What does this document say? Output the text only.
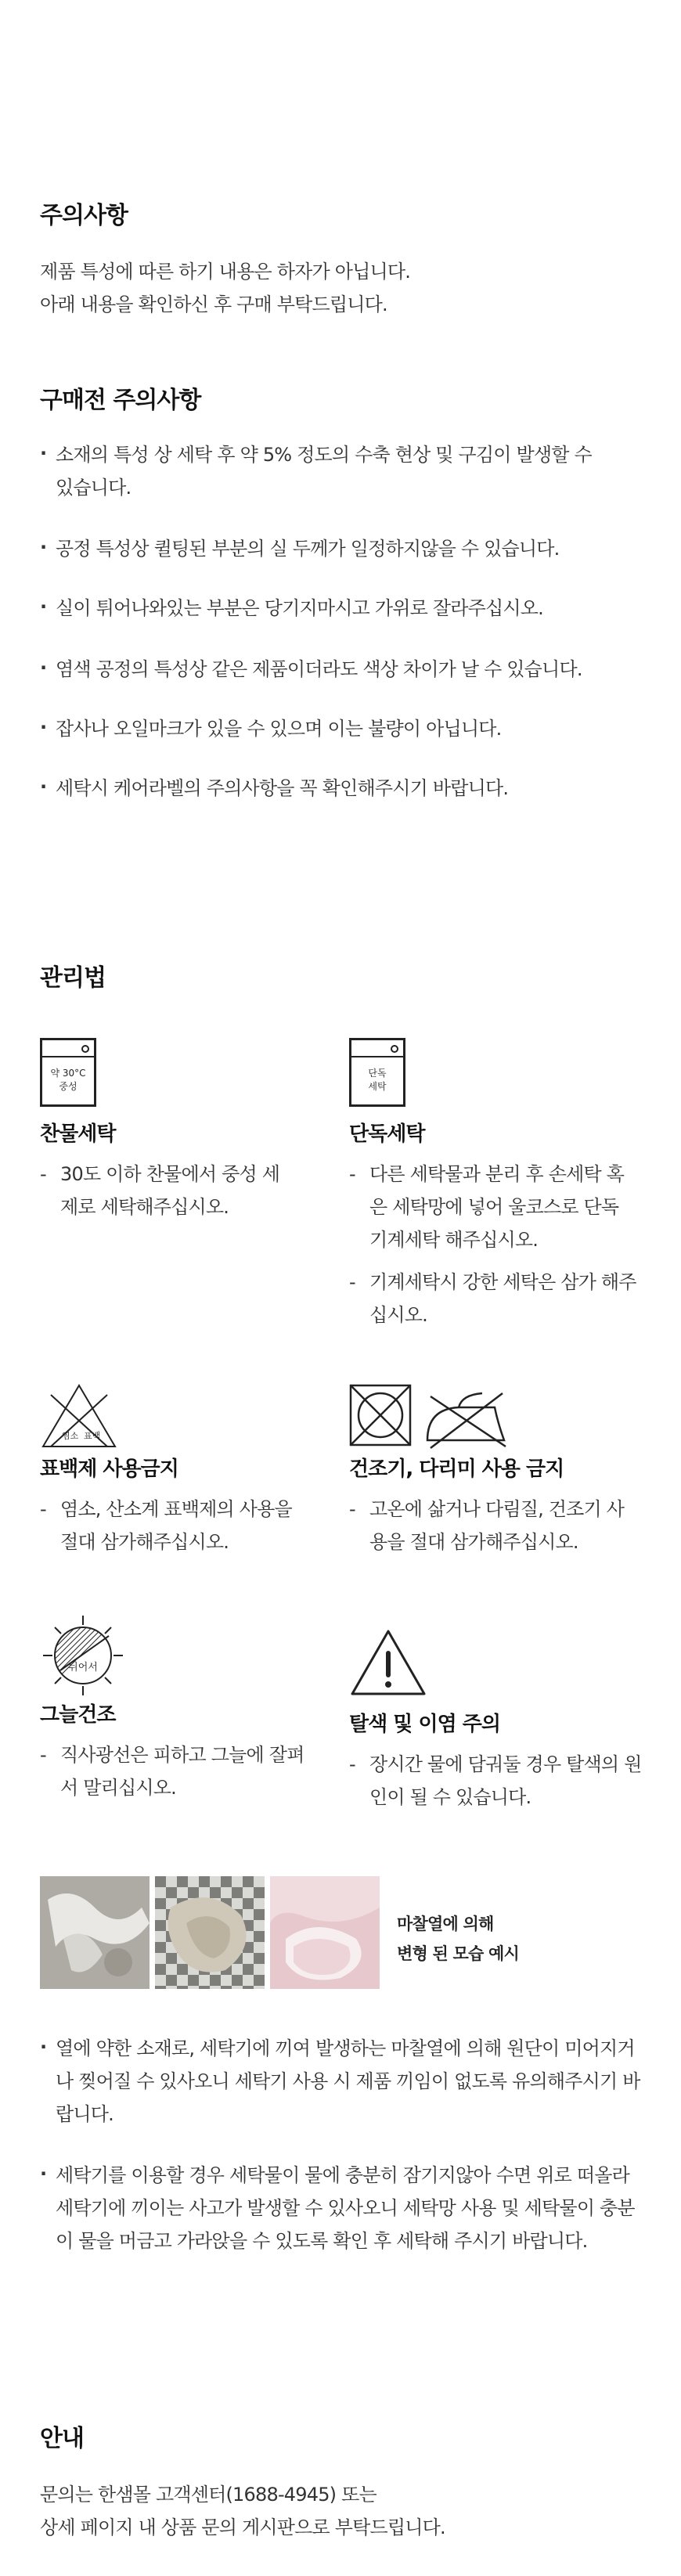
주의사항
제품 특성에 따른 하기 내용은 하자가 아닙니다.
아래 내용을 확인하신 후 구매 부탁드립니다.
구매전 주의사항
· 소재의 특성 상 세탁 후 약 5% 정도의 수축 현상 및 구김이 발생할 수 있습니다.
· 공정 특성상 퀼팅된 부분의 실 두께가 일정하지않을 수 있습니다.
· 실이 튀어나와있는 부분은 당기지마시고 가위로 잘라주십시오.
· 염색 공정의 특성상 같은 제품이더라도 색상 차이가 날 수 있습니다.
· 잡사나 오일마크가 있을 수 있으며 이는 불량이 아닙니다.
· 세탁시 케어라벨의 주의사항을 꼭 확인해주시기 바랍니다.
관리법
약 30°C
중성
찬물세탁
- 30도 이하 찬물에서 중성 세제로 세탁해주십시오.
단독
세탁
단독세탁
- 다른 세탁물과 분리 후 손세탁 혹은 세탁망에 넣어 울코스로 단독 기계세탁 해주십시오.
- 기계세탁시 강한 세탁은 삼가 해주십시오.
염소 표백
표백제 사용금지
- 염소, 산소계 표백제의 사용을 절대 삼가해주십시오.
건조기, 다리미 사용 금지
- 고온에 삶거나 다림질, 건조기 사용을 절대 삼가해주십시오.
뉘어서
그늘건조
- 직사광선은 피하고 그늘에 잘펴서 말리십시오.
탈색 및 이염 주의
- 장시간 물에 담궈둘 경우 탈색의 원인이 될 수 있습니다.
마찰열에 의해
변형 된 모습 예시
· 열에 약한 소재로, 세탁기에 끼여 발생하는 마찰열에 의해 원단이 미어지거나 찢어질 수 있사오니 세탁기 사용 시 제품 끼임이 없도록 유의해주시기 바랍니다.
· 세탁기를 이용할 경우 세탁물이 물에 충분히 잠기지않아 수면 위로 떠올라 세탁기에 끼이는 사고가 발생할 수 있사오니 세탁망 사용 및 세탁물이 충분이 물을 머금고 가라앉을 수 있도록 확인 후 세탁해 주시기 바랍니다.
안내
문의는 한샘몰 고객센터(1688-4945) 또는
상세 페이지 내 상품 문의 게시판으로 부탁드립니다.
